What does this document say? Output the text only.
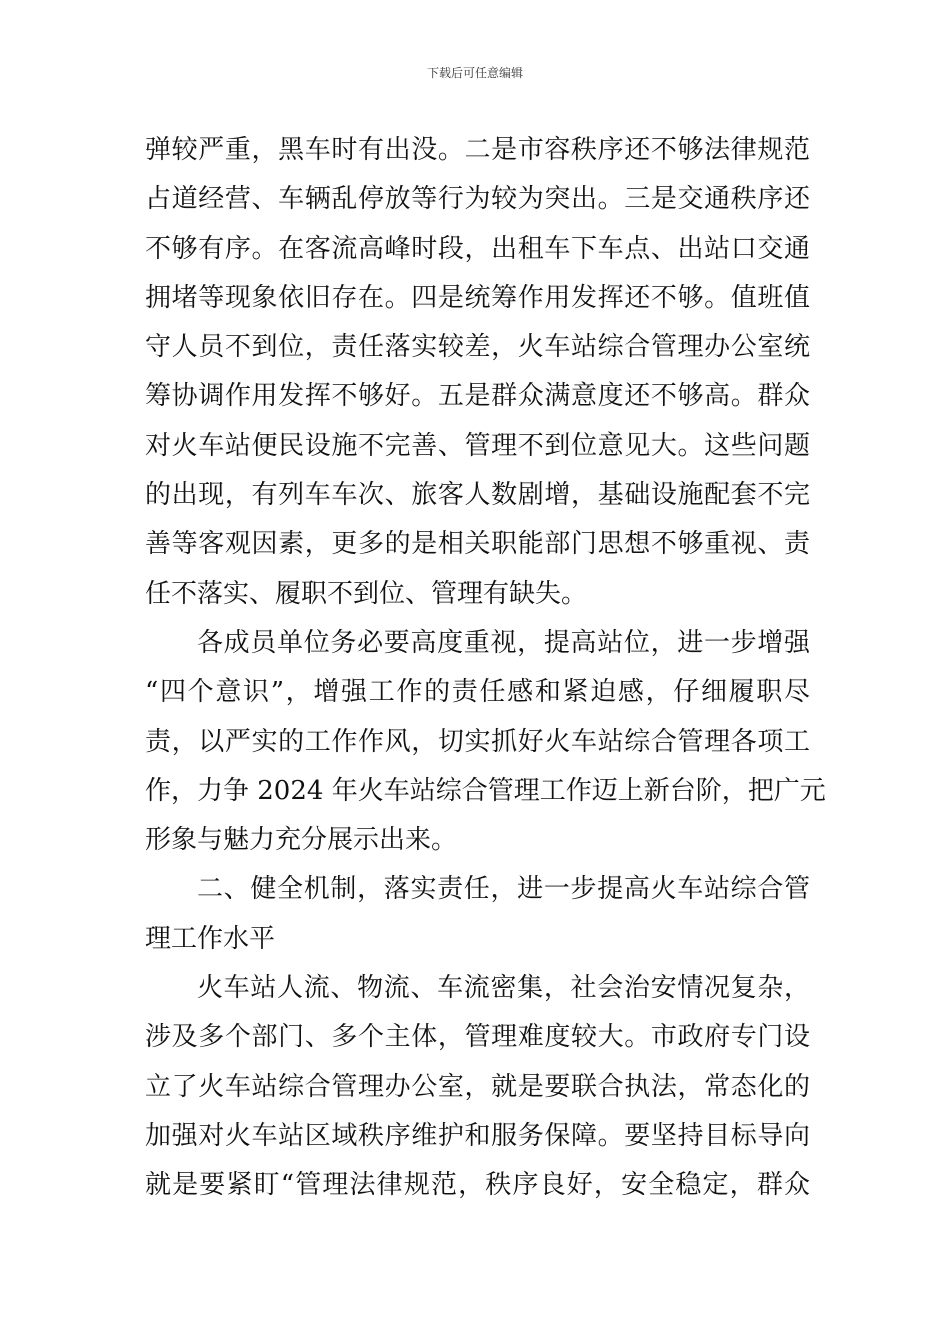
下载后可任意编辑

弹较严重，黑车时有出没。二是市容秩序还不够法律规范
占道经营、车辆乱停放等行为较为突出。三是交通秩序还
不够有序。在客流高峰时段，出租车下车点、出站口交通
拥堵等现象依旧存在。四是统筹作用发挥还不够。值班值
守人员不到位，责任落实较差，火车站综合管理办公室统
筹协调作用发挥不够好。五是群众满意度还不够高。群众
对火车站便民设施不完善、管理不到位意见大。这些问题
的出现，有列车车次、旅客人数剧增，基础设施配套不完
善等客观因素，更多的是相关职能部门思想不够重视、责
任不落实、履职不到位、管理有缺失。

各成员单位务必要高度重视，提高站位，进一步增强
“四个意识”，增强工作的责任感和紧迫感，仔细履职尽
责，以严实的工作作风，切实抓好火车站综合管理各项工
作，力争 2024 年火车站综合管理工作迈上新台阶，把广元
形象与魅力充分展示出来。

二、健全机制，落实责任，进一步提高火车站综合管
理工作水平

火车站人流、物流、车流密集，社会治安情况复杂，
涉及多个部门、多个主体，管理难度较大。市政府专门设
立了火车站综合管理办公室，就是要联合执法，常态化的
加强对火车站区域秩序维护和服务保障。要坚持目标导向
就是要紧盯“管理法律规范，秩序良好，安全稳定，群众
